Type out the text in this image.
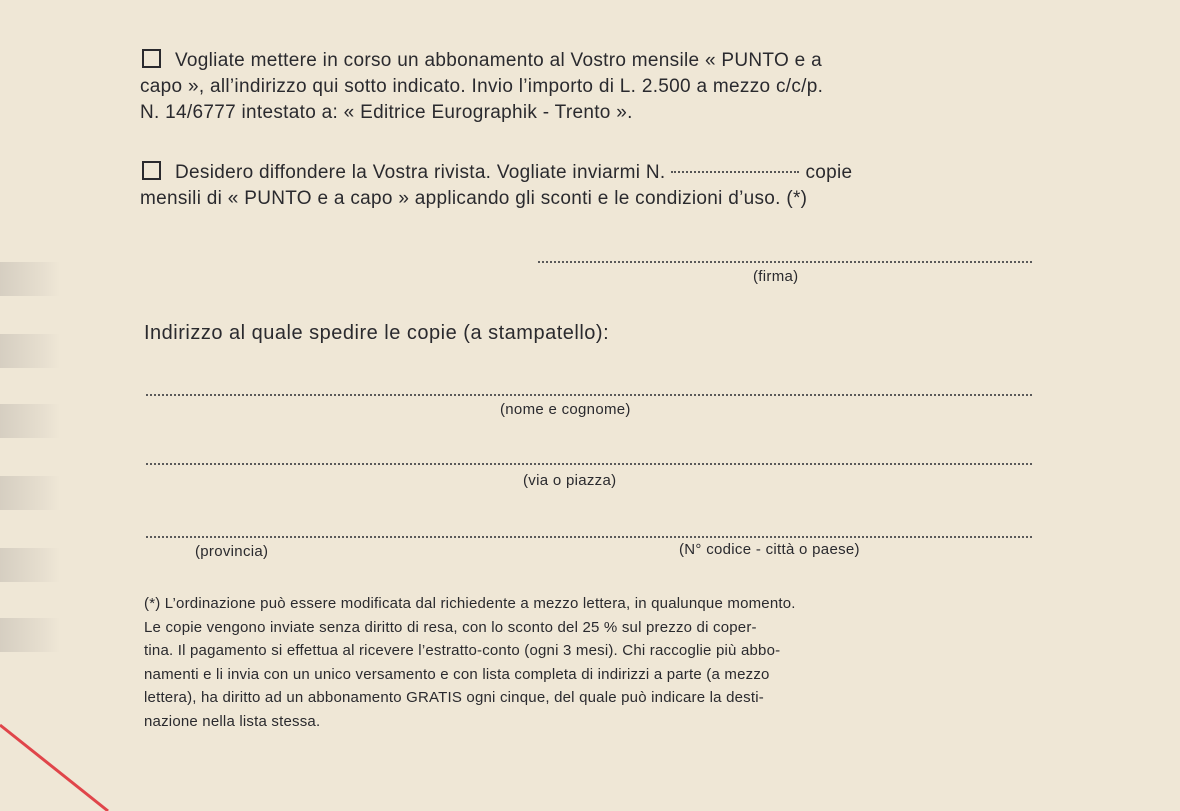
Vogliate mettere in corso un abbonamento al Vostro mensile « PUNTO e a
capo », all’indirizzo qui sotto indicato. Invio l’importo di L. 2.500 a mezzo c/c/p.
N. 14/6777 intestato a: « Editrice Eurographik - Trento ».
Desidero diffondere la Vostra rivista. Vogliate inviarmi N.	copie
mensili di « PUNTO e a capo » applicando gli sconti e le condizioni d’uso. (*)
(firma)
Indirizzo al quale spedire le copie (a stampatello):
(nome e cognome)
(via o piazza)
(provincia)	(N° codice - città o paese)
(*) L’ordinazione può essere modificata dal richiedente a mezzo lettera, in qualunque momento.
Le copie vengono inviate senza diritto di resa, con lo sconto del 25 % sul prezzo di coper-
tina. Il pagamento si effettua al ricevere l’estratto-conto (ogni 3 mesi). Chi raccoglie più abbo-
namenti e li invia con un unico versamento e con lista completa di indirizzi a parte (a mezzo
lettera), ha diritto ad un abbonamento GRATIS ogni cinque, del quale può indicare la desti-
nazione nella lista stessa.
